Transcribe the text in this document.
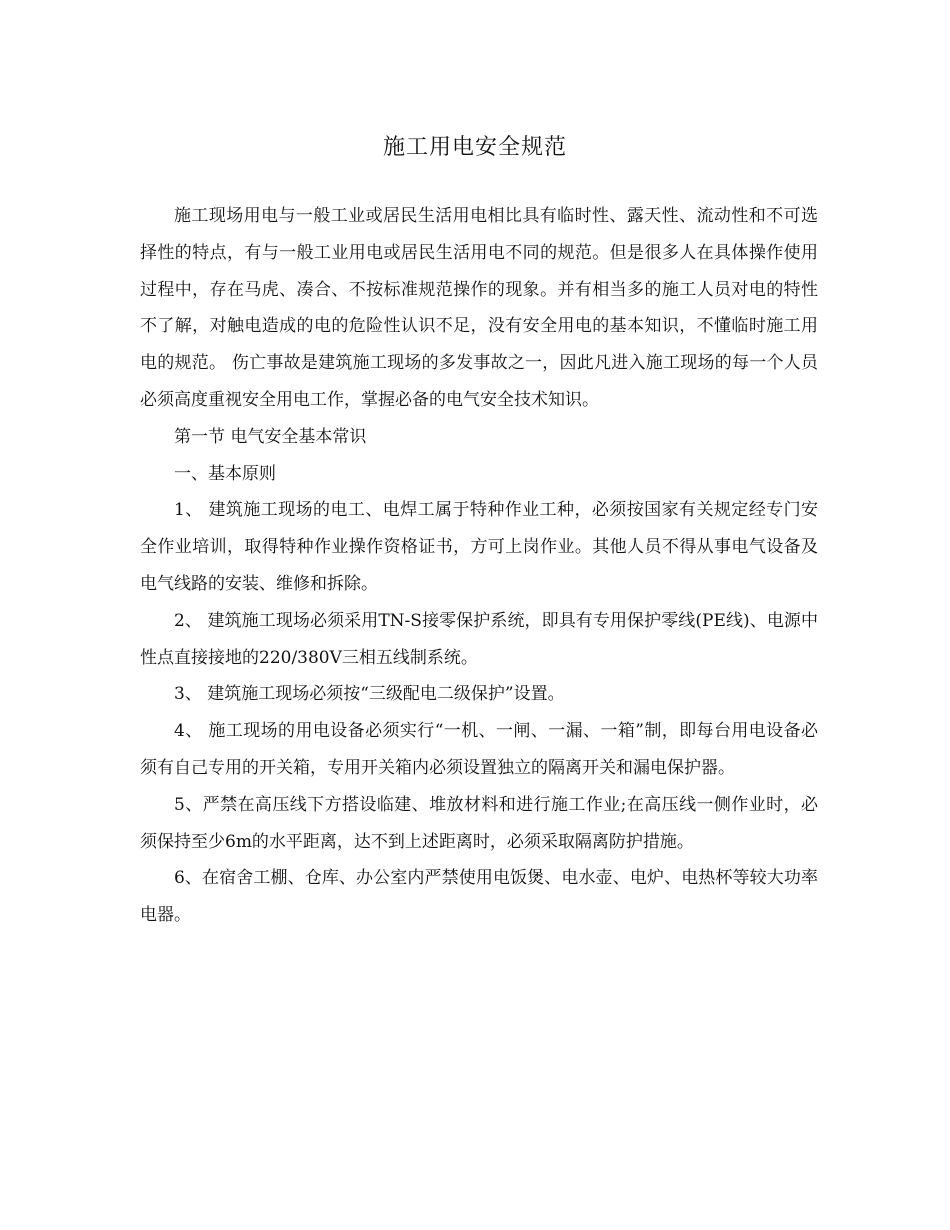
施工用电安全规范

施工现场用电与一般工业或居民生活用电相比具有临时性、露天性、流动性和不可选择性的特点，有与一般工业用电或居民生活用电不同的规范。但是很多人在具体操作使用过程中，存在马虎、凑合、不按标准规范操作的现象。并有相当多的施工人员对电的特性不了解，对触电造成的电的危险性认识不足，没有安全用电的基本知识，不懂临时施工用电的规范。 伤亡事故是建筑施工现场的多发事故之一，因此凡进入施工现场的每一个人员必须高度重视安全用电工作，掌握必备的电气安全技术知识。

第一节 电气安全基本常识

一、基本原则

1、 建筑施工现场的电工、电焊工属于特种作业工种，必须按国家有关规定经专门安全作业培训，取得特种作业操作资格证书，方可上岗作业。其他人员不得从事电气设备及电气线路的安装、维修和拆除。

2、 建筑施工现场必须采用TN-S接零保护系统，即具有专用保护零线(PE线)、电源中性点直接接地的220/380V三相五线制系统。

3、 建筑施工现场必须按“三级配电二级保护”设置。

4、 施工现场的用电设备必须实行“一机、一闸、一漏、一箱”制，即每台用电设备必须有自己专用的开关箱，专用开关箱内必须设置独立的隔离开关和漏电保护器。

5、严禁在高压线下方搭设临建、堆放材料和进行施工作业;在高压线一侧作业时，必须保持至少6m的水平距离，达不到上述距离时，必须采取隔离防护措施。

6、在宿舍工棚、仓库、办公室内严禁使用电饭煲、电水壶、电炉、电热杯等较大功率电器。
